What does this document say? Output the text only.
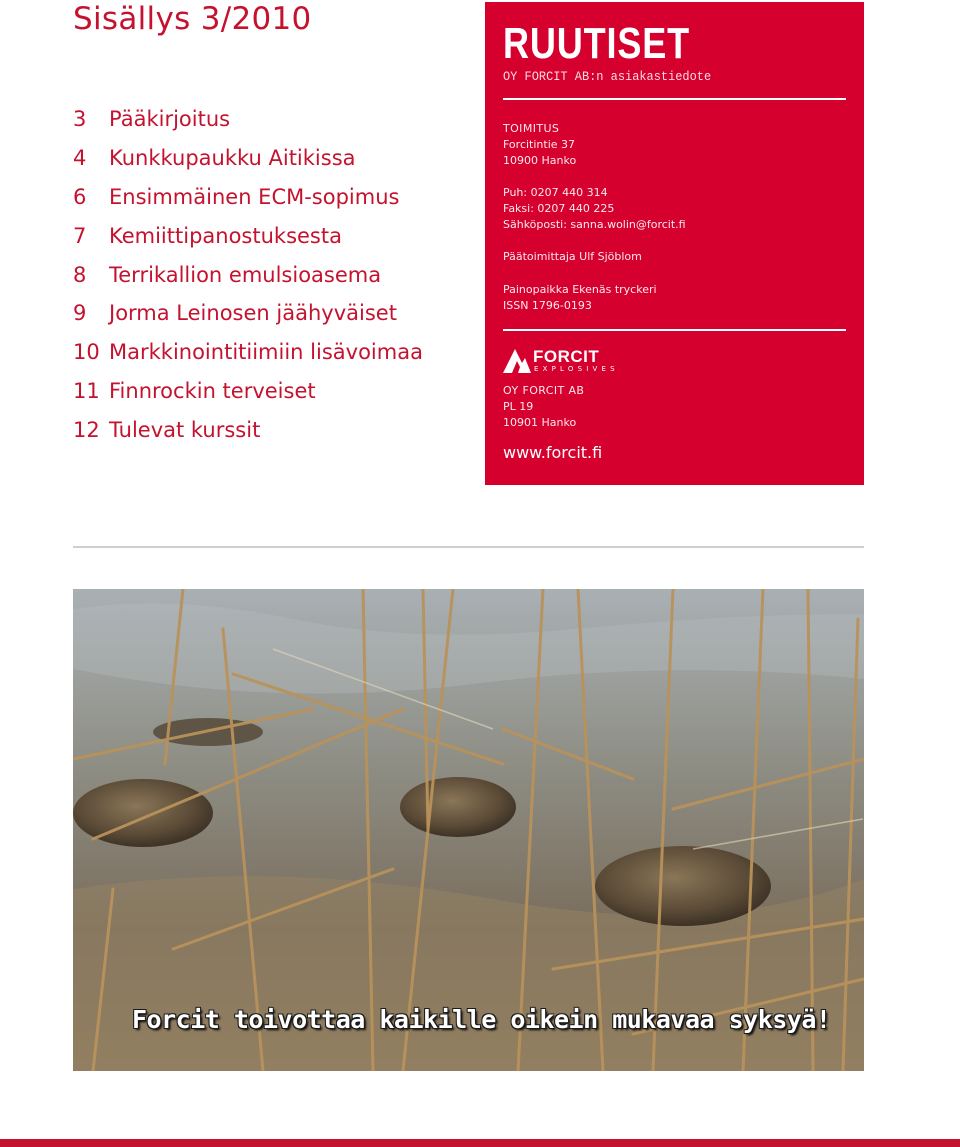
Sisällys 3/2010
3	Pääkirjoitus
4	Kunkkupaukku Aitikissa
6	Ensimmäinen ECM-sopimus
7	Kemiittipanostuksesta
8	Terrikallion emulsioasema
9	Jorma Leinosen jäähyväiset
10 Markkinointitiimiin lisävoimaa
11 Finnrockin terveiset
12 Tulevat kurssit
RUUTISET
OY FORCIT AB:n asiakastiedote
TOIMITUS
Forcitintie 37
10900 Hanko
Puh: 0207 440 314
Faksi: 0207 440 225
Sähköposti: sanna.wolin@forcit.fi
Päätoimittaja Ulf Sjöblom
Painopaikka Ekenäs tryckeri
ISSN 1796-0193
FORCIT
EXPLOSIVES
OY FORCIT AB
PL 19
10901 Hanko
www.forcit.fi
Forcit toivottaa kaikille oikein mukavaa syksyä!
